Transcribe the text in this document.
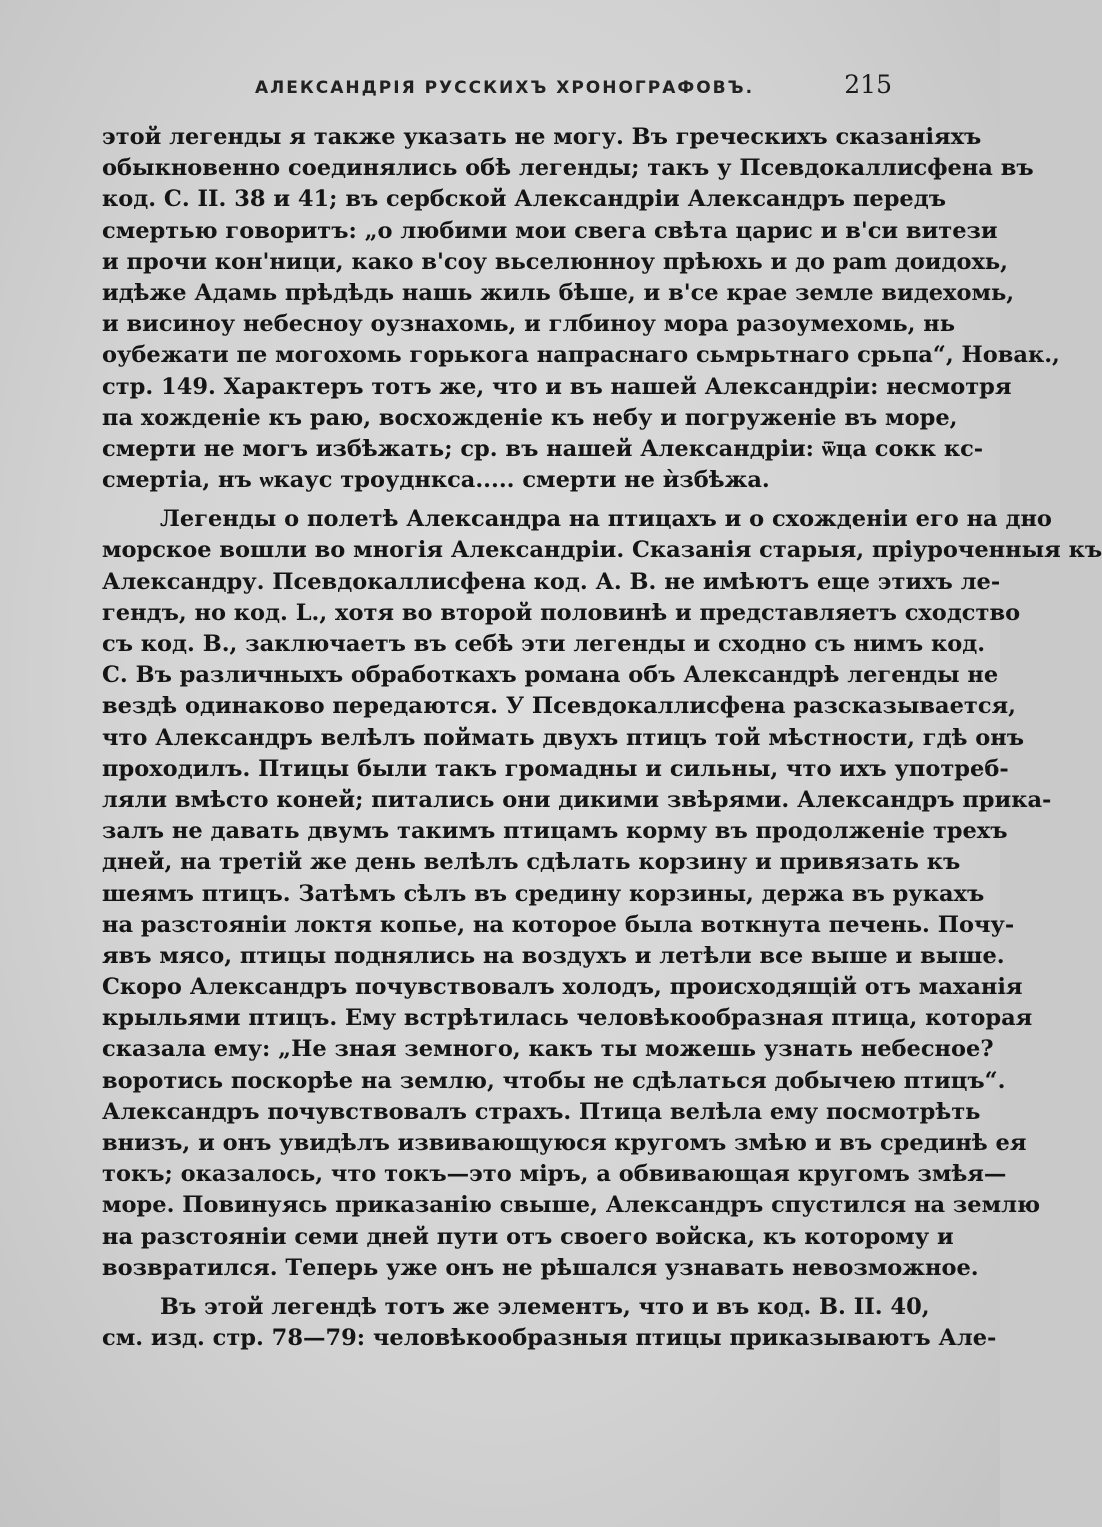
АЛЕКСАНДРІЯ РУССКИХЪ ХРОНОГРАФОВЪ.	215
этой легенды я также указать не могу. Въ греческихъ сказаніяхъ
обыкновенно соединялись обѣ легенды; такъ у Псевдокаллисфена въ
код. С. II. 38 и 41; въ сербской Александріи Александръ передъ
смертью говоритъ: „о любими мои свега свѣта царис и в'си витези
и прочи кон'ници, како в'соу вьселюнноу прѣюхь и до раm доидохь,
идѣже Адамь прѣдѣдь нашь жиль бѣше, и в'се крае земле видехомь,
и висиноу небесноу оузнахомь, и глбиноу мора разоумехомь, нь
оубежати пе могохомь горькога напраснаго сьмрьтнаго срьпа“, Новак.,
стр. 149. Характеръ тотъ же, что и въ нашей Александріи: несмотря
па хожденіе къ раю, восхожденіе къ небу и погруженіе въ море,
смерти не могъ избѣжать; ср. въ нашей Александріи: ѿца сокк кс-
смертіа, нъ ѡкаус троуднкса..... смерти не ѝзбѣжа.
Легенды о полетѣ Александра на птицахъ и о схожденіи его на дно
морское вошли во многія Александріи. Сказанія старыя, пріуроченныя къ
Александру. Псевдокаллисфена код. А. В. не имѣютъ еще этихъ ле-
гендъ, но код. L., хотя во второй половинѣ и представляетъ сходство
съ код. В., заключаетъ въ себѣ эти легенды и сходно съ нимъ код.
С. Въ различныхъ обработкахъ романа объ Александрѣ легенды не
вездѣ одинаково передаются. У Псевдокаллисфена разсказывается,
что Александръ велѣлъ поймать двухъ птицъ той мѣстности, гдѣ онъ
проходилъ. Птицы были такъ громадны и сильны, что ихъ употреб-
ляли вмѣсто коней; питались они дикими звѣрями. Александръ прика-
залъ не давать двумъ такимъ птицамъ корму въ продолженіе трехъ
дней, на третій же день велѣлъ сдѣлать корзину и привязать къ
шеямъ птицъ. Затѣмъ сѣлъ въ средину корзины, держа въ рукахъ
на разстояніи локтя копье, на которое была воткнута печень. Почу-
явъ мясо, птицы поднялись на воздухъ и летѣли все выше и выше.
Скоро Александръ почувствовалъ холодъ, происходящій отъ маханія
крыльями птицъ. Ему встрѣтилась человѣкообразная птица, которая
сказала ему: „Не зная земного, какъ ты можешь узнать небесное?
воротись поскорѣе на землю, чтобы не сдѣлаться добычею птицъ“.
Александръ почувствовалъ страхъ. Птица велѣла ему посмотрѣть
внизъ, и онъ увидѣлъ извивающуюся кругомъ змѣю и въ срединѣ ея
токъ; оказалось, что токъ—это міръ, а обвивающая кругомъ змѣя—
море. Повинуясь приказанію свыше, Александръ спустился на землю
на разстояніи семи дней пути отъ своего войска, къ которому и
возвратился. Теперь уже онъ не рѣшался узнавать невозможное.
Въ этой легендѣ тотъ же элементъ, что и въ код. В. II. 40,
см. изд. стр. 78—79: человѣкообразныя птицы приказываютъ Але-
